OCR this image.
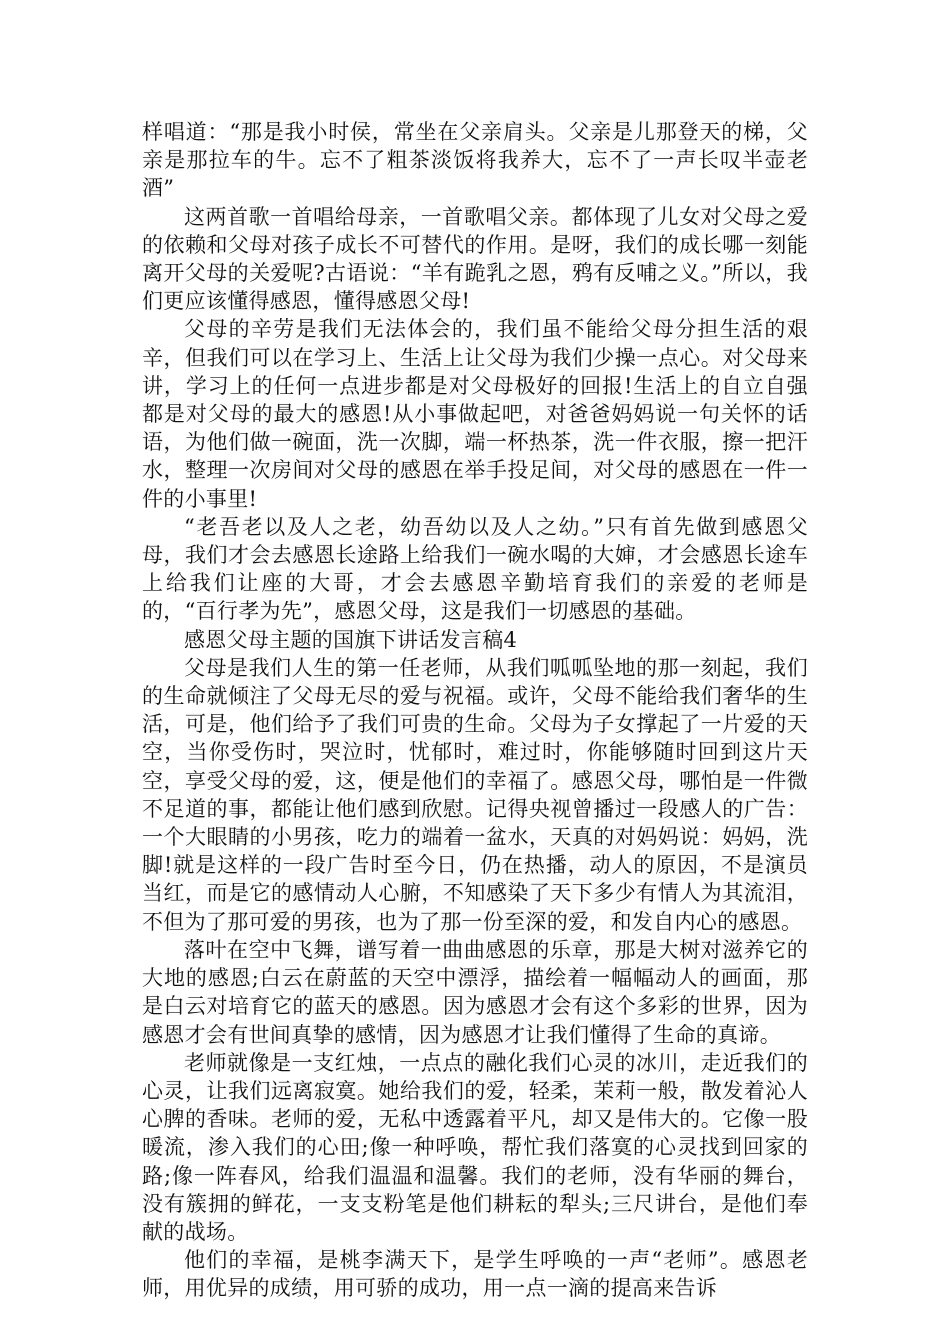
样唱道：“那是我小时侯，常坐在父亲肩头。父亲是儿那登天的梯，父亲是那拉车的牛。忘不了粗茶淡饭将我养大，忘不了一声长叹半壶老酒”

这两首歌一首唱给母亲，一首歌唱父亲。都体现了儿女对父母之爱的依赖和父母对孩子成长不可替代的作用。是呀，我们的成长哪一刻能离开父母的关爱呢?古语说：“羊有跪乳之恩，鸦有反哺之义。”所以，我们更应该懂得感恩，懂得感恩父母!

父母的辛劳是我们无法体会的，我们虽不能给父母分担生活的艰辛，但我们可以在学习上、生活上让父母为我们少操一点心。对父母来讲，学习上的任何一点进步都是对父母极好的回报!生活上的自立自强都是对父母的最大的感恩!从小事做起吧，对爸爸妈妈说一句关怀的话语，为他们做一碗面，洗一次脚，端一杯热茶，洗一件衣服，擦一把汗水，整理一次房间对父母的感恩在举手投足间，对父母的感恩在一件一件的小事里!

“老吾老以及人之老，幼吾幼以及人之幼。”只有首先做到感恩父母，我们才会去感恩长途路上给我们一碗水喝的大婶，才会感恩长途车上给我们让座的大哥，才会去感恩辛勤培育我们的亲爱的老师是的，“百行孝为先”，感恩父母，这是我们一切感恩的基础。

感恩父母主题的国旗下讲话发言稿4

父母是我们人生的第一任老师，从我们呱呱坠地的那一刻起，我们的生命就倾注了父母无尽的爱与祝福。或许，父母不能给我们奢华的生活，可是，他们给予了我们可贵的生命。父母为子女撑起了一片爱的天空，当你受伤时，哭泣时，忧郁时，难过时，你能够随时回到这片天空，享受父母的爱，这，便是他们的幸福了。感恩父母，哪怕是一件微不足道的事，都能让他们感到欣慰。记得央视曾播过一段感人的广告：一个大眼睛的小男孩，吃力的端着一盆水，天真的对妈妈说：妈妈，洗脚!就是这样的一段广告时至今日，仍在热播，动人的原因，不是演员当红，而是它的感情动人心腑，不知感染了天下多少有情人为其流泪，不但为了那可爱的男孩，也为了那一份至深的爱，和发自内心的感恩。

落叶在空中飞舞，谱写着一曲曲感恩的乐章，那是大树对滋养它的大地的感恩;白云在蔚蓝的天空中漂浮，描绘着一幅幅动人的画面，那是白云对培育它的蓝天的感恩。因为感恩才会有这个多彩的世界，因为感恩才会有世间真挚的感情，因为感恩才让我们懂得了生命的真谛。

老师就像是一支红烛，一点点的融化我们心灵的冰川，走近我们的心灵，让我们远离寂寞。她给我们的爱，轻柔，茉莉一般，散发着沁人心脾的香味。老师的爱，无私中透露着平凡，却又是伟大的。它像一股暖流，渗入我们的心田;像一种呼唤，帮忙我们落寞的心灵找到回家的路;像一阵春风，给我们温温和温馨。我们的老师，没有华丽的舞台，没有簇拥的鲜花，一支支粉笔是他们耕耘的犁头;三尺讲台，是他们奉献的战场。

他们的幸福，是桃李满天下，是学生呼唤的一声“老师”。感恩老师，用优异的成绩，用可骄的成功，用一点一滴的提高来告诉
